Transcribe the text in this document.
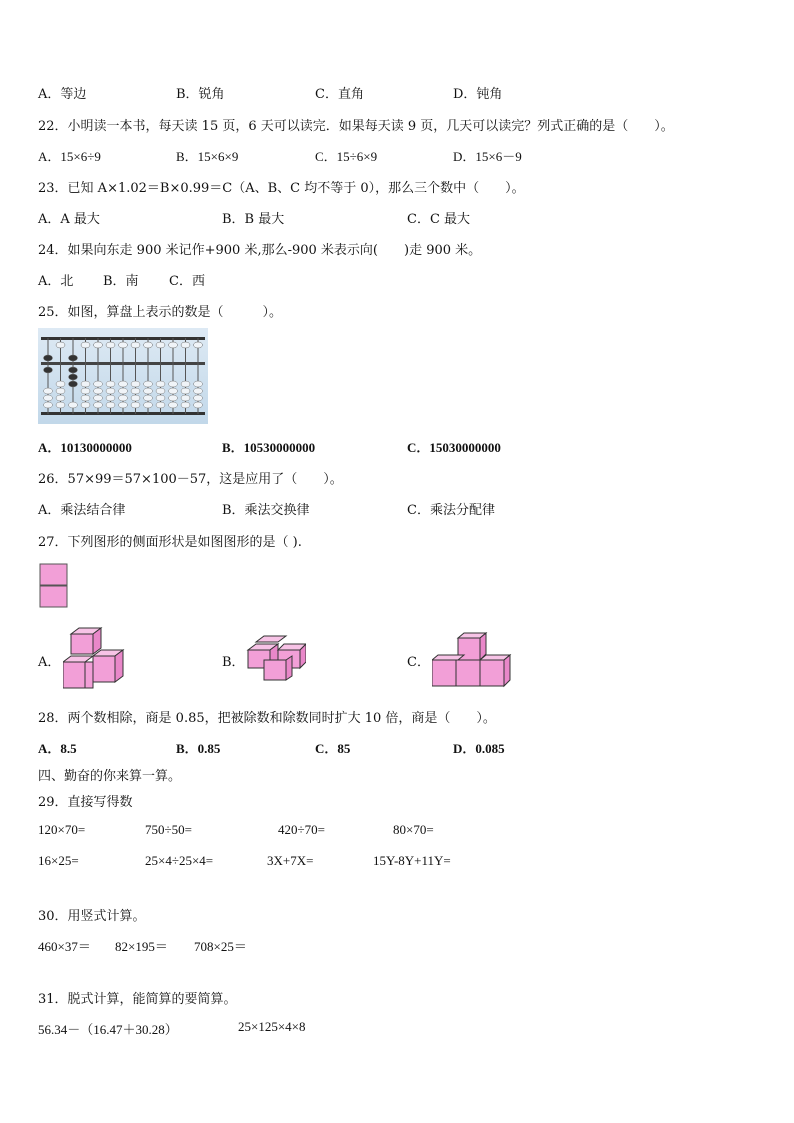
A．等边	B．锐角	C．直角	D．钝角
22．小明读一本书，每天读 15 页，6 天可以读完．如果每天读 9 页，几天可以读完？列式正确的是（　　）。
A．15×6÷9	B．15×6×9	C．15÷6×9	D．15×6－9
23．已知 A×1.02＝B×0.99＝C（A、B、C 均不等于 0），那么三个数中（　　）。
A．A 最大	B．B 最大	C．C 最大
24．如果向东走 900 米记作+900 米,那么-900 米表示向(　　)走 900 米。
A．北 B．南 C．西
25．如图，算盘上表示的数是（　　　）。
A．10130000000	B．10530000000	C．15030000000
26．57×99＝57×100－57，这是应用了（　　）。
A．乘法结合律	B．乘法交换律	C．乘法分配律
27．下列图形的侧面形状是如图图形的是（ ).
A．	B．	C．
28．两个数相除，商是 0.85，把被除数和除数同时扩大 10 倍，商是（　　）。
A．8.5	B．0.85	C．85	D．0.085
四、勤奋的你来算一算。
29．直接写得数
120×70=	750÷50=	420÷70=	80×70=
16×25=	25×4÷25×4=	3X+7X=	15Y-8Y+11Y=
30．用竖式计算。
460×37＝ 82×195＝ 708×25＝
31．脱式计算，能简算的要简算。
56.34－（16.47＋30.28）	25×125×4×8
